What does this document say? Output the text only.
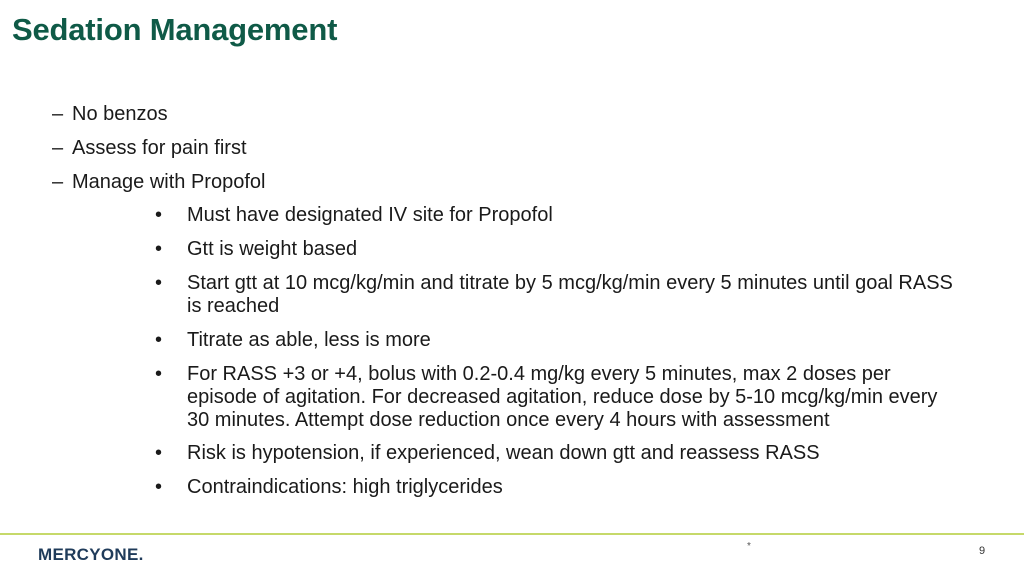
Sedation Management
– No benzos
– Assess for pain first
– Manage with Propofol
• Must have designated IV site for Propofol
• Gtt is weight based
• Start gtt at 10 mcg/kg/min and titrate by 5 mcg/kg/min every 5 minutes until goal RASS is reached
• Titrate as able, less is more
• For RASS +3 or +4, bolus with 0.2-0.4 mg/kg every 5 minutes, max 2 doses per episode of agitation. For decreased agitation, reduce dose by 5-10 mcg/kg/min every 30 minutes. Attempt dose reduction once every 4 hours with assessment
• Risk is hypotension, if experienced, wean down gtt and reassess RASS
• Contraindications: high triglycerides
MERCYONE.	*	9
